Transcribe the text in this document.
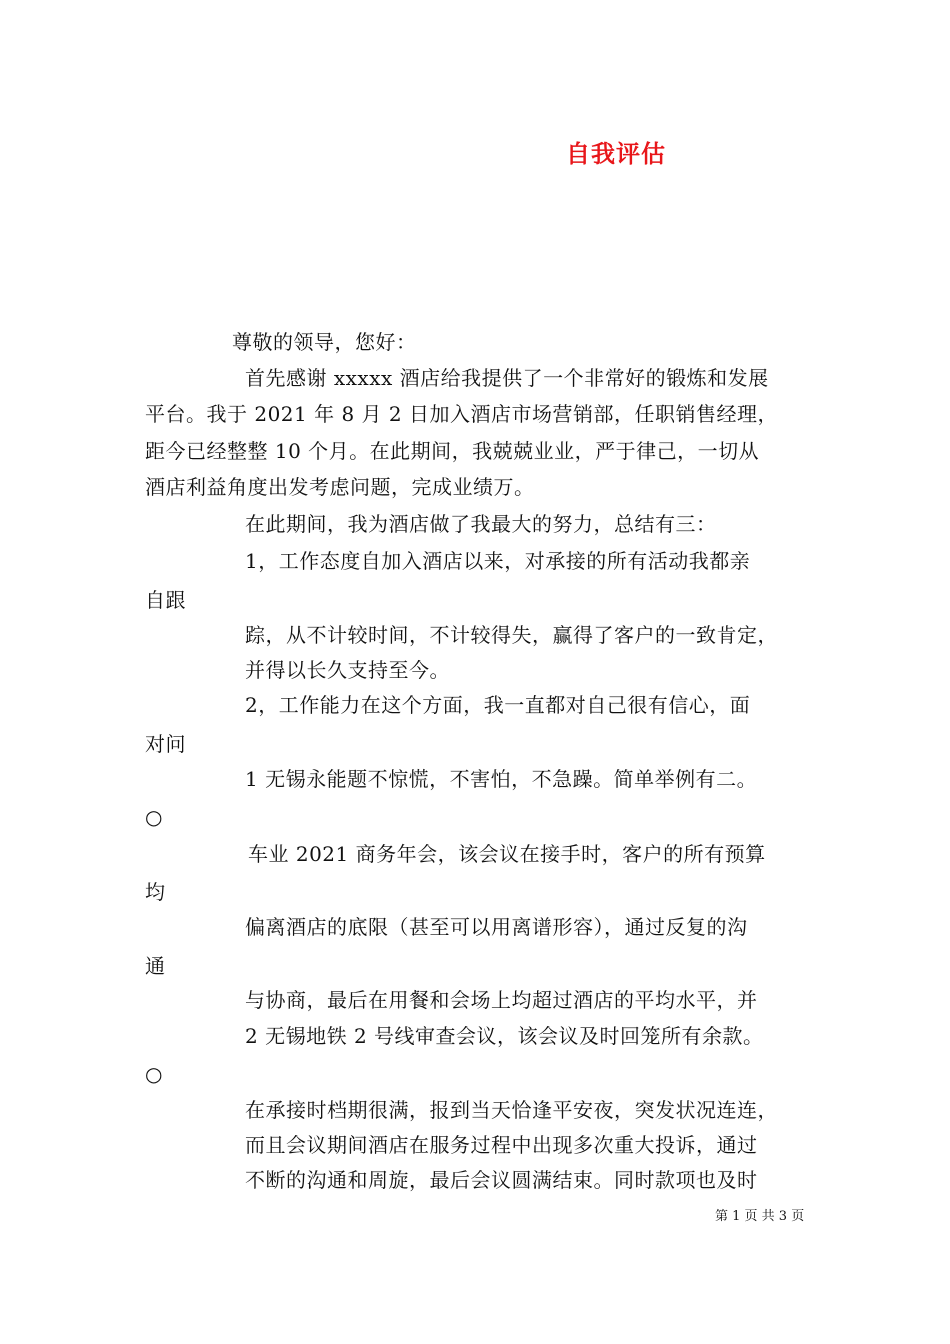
自我评估
尊敬的领导，您好：
首先感谢 xxxxx 酒店给我提供了一个非常好的锻炼和发展
平台。我于 2021 年 8 月 2 日加入酒店市场营销部，任职销售经理，
距今已经整整 10 个月。在此期间，我兢兢业业，严于律己，一切从
酒店利益角度出发考虑问题，完成业绩万。
在此期间，我为酒店做了我最大的努力，总结有三：
1，工作态度自加入酒店以来，对承接的所有活动我都亲
自跟
踪，从不计较时间，不计较得失，赢得了客户的一致肯定，
并得以长久支持至今。
2，工作能力在这个方面，我一直都对自己很有信心，面
对问
1 无锡永能题不惊慌，不害怕，不急躁。简单举例有二。
○
车业 2021 商务年会，该会议在接手时，客户的所有预算
均
偏离酒店的底限（甚至可以用离谱形容），通过反复的沟
通
与协商，最后在用餐和会场上均超过酒店的平均水平，并
2 无锡地铁 2 号线审查会议，该会议及时回笼所有余款。
○
在承接时档期很满，报到当天恰逢平安夜，突发状况连连，
而且会议期间酒店在服务过程中出现多次重大投诉，通过
不断的沟通和周旋，最后会议圆满结束。同时款项也及时
第 1 页 共 3 页
